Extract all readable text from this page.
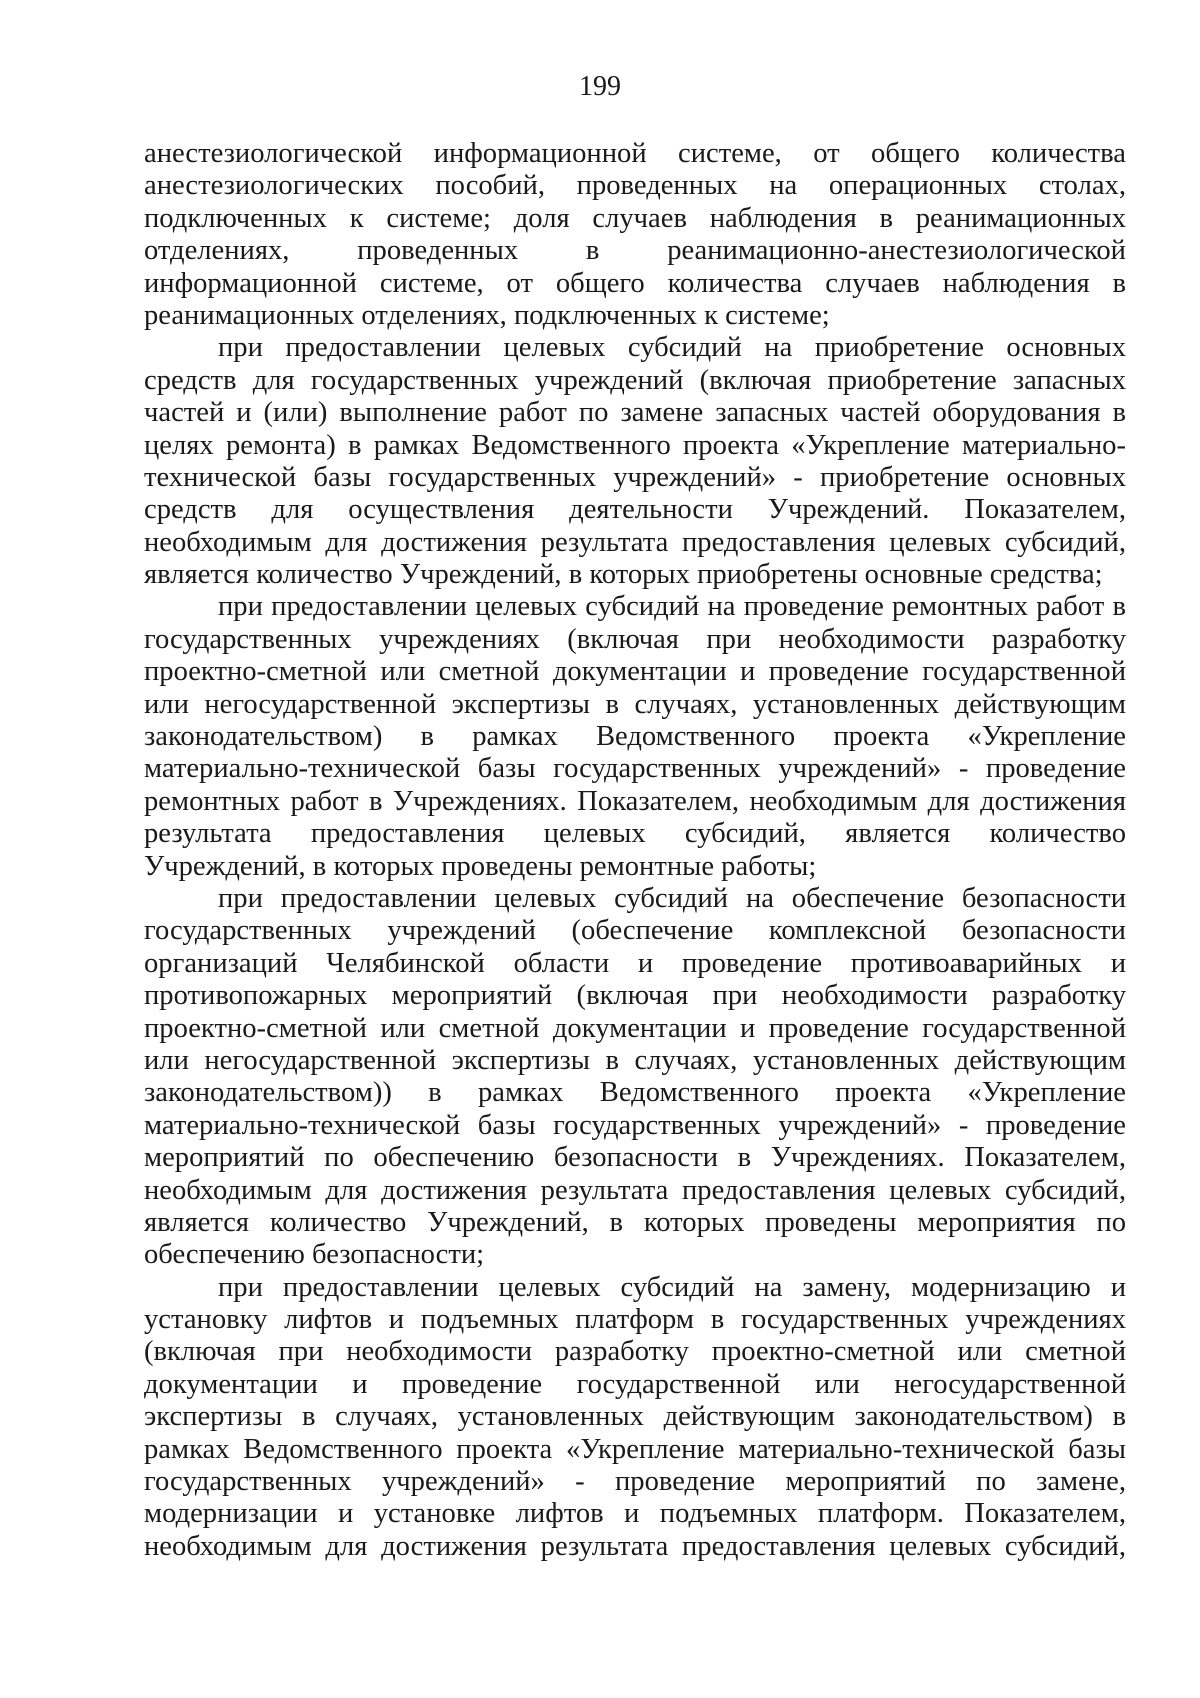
199
анестезиологической информационной системе, от общего количества
анестезиологических пособий, проведенных на операционных столах,
подключенных к системе; доля случаев наблюдения в реанимационных
отделениях, проведенных в реанимационно-анестезиологической
информационной системе, от общего количества случаев наблюдения в
реанимационных отделениях, подключенных к системе;
при предоставлении целевых субсидий на приобретение основных
средств для государственных учреждений (включая приобретение запасных
частей и (или) выполнение работ по замене запасных частей оборудования в
целях ремонта) в рамках Ведомственного проекта «Укрепление материально-
технической базы государственных учреждений» - приобретение основных
средств для осуществления деятельности Учреждений. Показателем,
необходимым для достижения результата предоставления целевых субсидий,
является количество Учреждений, в которых приобретены основные средства;
при предоставлении целевых субсидий на проведение ремонтных работ в
государственных учреждениях (включая при необходимости разработку
проектно-сметной или сметной документации и проведение государственной
или негосударственной экспертизы в случаях, установленных действующим
законодательством) в рамках Ведомственного проекта «Укрепление
материально-технической базы государственных учреждений» - проведение
ремонтных работ в Учреждениях. Показателем, необходимым для достижения
результата предоставления целевых субсидий, является количество
Учреждений, в которых проведены ремонтные работы;
при предоставлении целевых субсидий на обеспечение безопасности
государственных учреждений (обеспечение комплексной безопасности
организаций Челябинской области и проведение противоаварийных и
противопожарных мероприятий (включая при необходимости разработку
проектно-сметной или сметной документации и проведение государственной
или негосударственной экспертизы в случаях, установленных действующим
законодательством)) в рамках Ведомственного проекта «Укрепление
материально-технической базы государственных учреждений» - проведение
мероприятий по обеспечению безопасности в Учреждениях. Показателем,
необходимым для достижения результата предоставления целевых субсидий,
является количество Учреждений, в которых проведены мероприятия по
обеспечению безопасности;
при предоставлении целевых субсидий на замену, модернизацию и
установку лифтов и подъемных платформ в государственных учреждениях
(включая при необходимости разработку проектно-сметной или сметной
документации и проведение государственной или негосударственной
экспертизы в случаях, установленных действующим законодательством) в
рамках Ведомственного проекта «Укрепление материально-технической базы
государственных учреждений» - проведение мероприятий по замене,
модернизации и установке лифтов и подъемных платформ. Показателем,
необходимым для достижения результата предоставления целевых субсидий,
